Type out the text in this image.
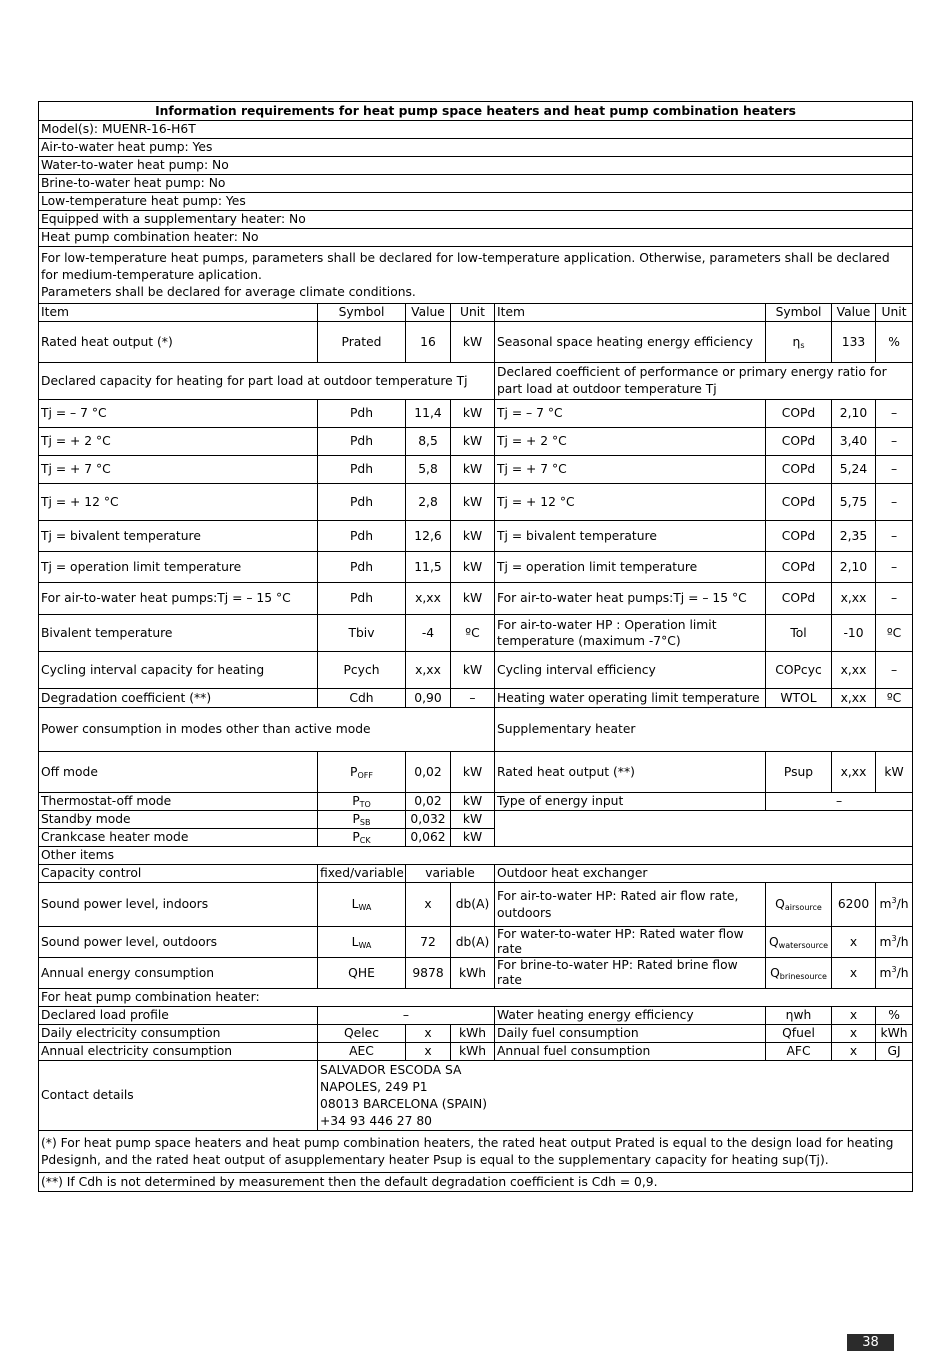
Information requirements for heat pump space heaters and heat pump combination heaters							
Model(s): MUENR-16-H6T							
Air-to-water heat pump: Yes							
Water-to-water heat pump: No							
Brine-to-water heat pump: No							
Low-temperature heat pump: Yes							
Equipped with a supplementary heater: No							
Heat pump combination heater: No							

For low-temperature heat pumps, parameters shall be declared for low-temperature application. Otherwise, parameters shall be declared for medium-temperature aplication.
Parameters shall be declared for average climate conditions.							

Item	Symbol	Value	Unit	Item	Symbol	Value	Unit
Rated heat output (*)	Prated	16	kW	Seasonal space heating energy efficiency	$\eta_s$	133	%
Declared capacity for heating for part load at outdoor temperature Tj				Declared coefficient of performance or primary energy ratio for part load at outdoor temperature Tj			
Tj = – 7 °C	Pdh	11,4	kW	Tj = – 7 °C	COPd	2,10	–
Tj = + 2 °C	Pdh	8,5	kW	Tj = + 2 °C	COPd	3,40	–
Tj = + 7 °C	Pdh	5,8	kW	Tj = + 7 °C	COPd	5,24	–
Tj = + 12 °C	Pdh	2,8	kW	Tj = + 12 °C	COPd	5,75	–
Tj = bivalent temperature	Pdh	12,6	kW	Tj = bivalent temperature	COPd	2,35	–
Tj = operation limit temperature	Pdh	11,5	kW	Tj = operation limit temperature	COPd	2,10	–
For air-to-water heat pumps:Tj = – 15 °C	Pdh	x,xx	kW	For air-to-water heat pumps:Tj = – 15 °C	COPd	x,xx	–
Bivalent temperature	Tbiv	-4	ºC	For air-to-water HP : Operation limit temperature (maximum -7°C)	Tol	-10	ºC
Cycling interval capacity for heating	Pcych	x,xx	kW	Cycling interval efficiency	COPcyc	x,xx	–
Degradation coefficient (**)	Cdh	0,90	–	Heating water operating limit temperature	WTOL	x,xx	ºC
Power consumption in modes other than active mode				Supplementary heater			
Off mode	$P_{OFF}$	0,02	kW	Rated heat output (**)	Psup	x,xx	kW
Thermostat-off mode	$P_{TO}$	0,02	kW	Type of energy input	–		
Standby mode	$P_{SB}$	0,032	kW				
Crankcase heater mode	$P_{CK}$	0,062	kW				
Other items							
Capacity control	fixed/variable	variable		Outdoor heat exchanger			
Sound power level, indoors	$L_{WA}$	x	db(A)	For air-to-water HP: Rated air flow rate, outdoors	$Q_{airsource}$	6200	$m^3/h$
Sound power level, outdoors	$L_{WA}$	72	db(A)	For water-to-water HP: Rated water flow rate	$Q_{watersource}$	x	$m^3/h$
Annual energy consumption	QHE	9878	kWh	For brine-to-water HP: Rated brine flow rate	$Q_{brinesource}$	x	$m^3/h$
For heat pump combination heater:							
Declared load profile	–			Water heating energy efficiency	ηwh	x	%
Daily electricity consumption	Qelec	x	kWh	Daily fuel consumption	Qfuel	x	kWh
Annual electricity consumption	AEC	x	kWh	Annual fuel consumption	AFC	x	GJ
Contact details	SALVADOR ESCODA SA
NAPOLES, 249 P1
08013 BARCELONA (SPAIN)
+34 93 446 27 80						

(*) For heat pump space heaters and heat pump combination heaters, the rated heat output Prated is equal to the design load for heating Pdesignh, and the rated heat output of asupplementary heater Psup is equal to the supplementary capacity for heating sup(Tj).							
(**) If Cdh is not determined by measurement then the default degradation coefficient is Cdh = 0,9.							
38
